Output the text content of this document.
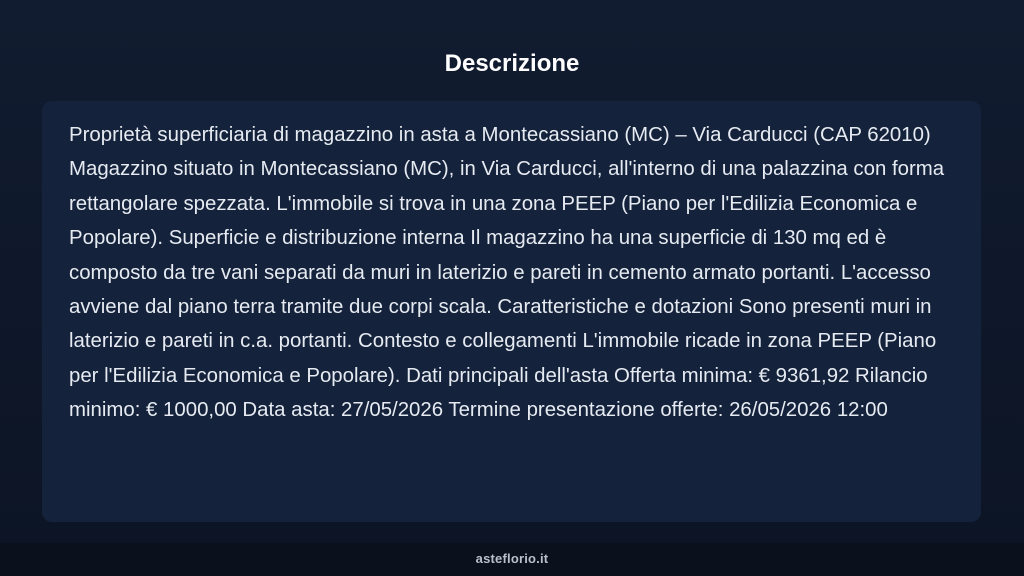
Descrizione

Proprietà superficiaria di magazzino in asta a Montecassiano (MC) – Via Carducci (CAP 62010) Magazzino situato in Montecassiano (MC), in Via Carducci, all'interno di una palazzina con forma rettangolare spezzata. L'immobile si trova in una zona PEEP (Piano per l'Edilizia Economica e Popolare). Superficie e distribuzione interna Il magazzino ha una superficie di 130 mq ed è composto da tre vani separati da muri in laterizio e pareti in cemento armato portanti. L'accesso avviene dal piano terra tramite due corpi scala. Caratteristiche e dotazioni Sono presenti muri in laterizio e pareti in c.a. portanti. Contesto e collegamenti L'immobile ricade in zona PEEP (Piano per l'Edilizia Economica e Popolare). Dati principali dell'asta Offerta minima: € 9361,92 Rilancio minimo: € 1000,00 Data asta: 27/05/2026 Termine presentazione offerte: 26/05/2026 12:00

asteflorio.it
